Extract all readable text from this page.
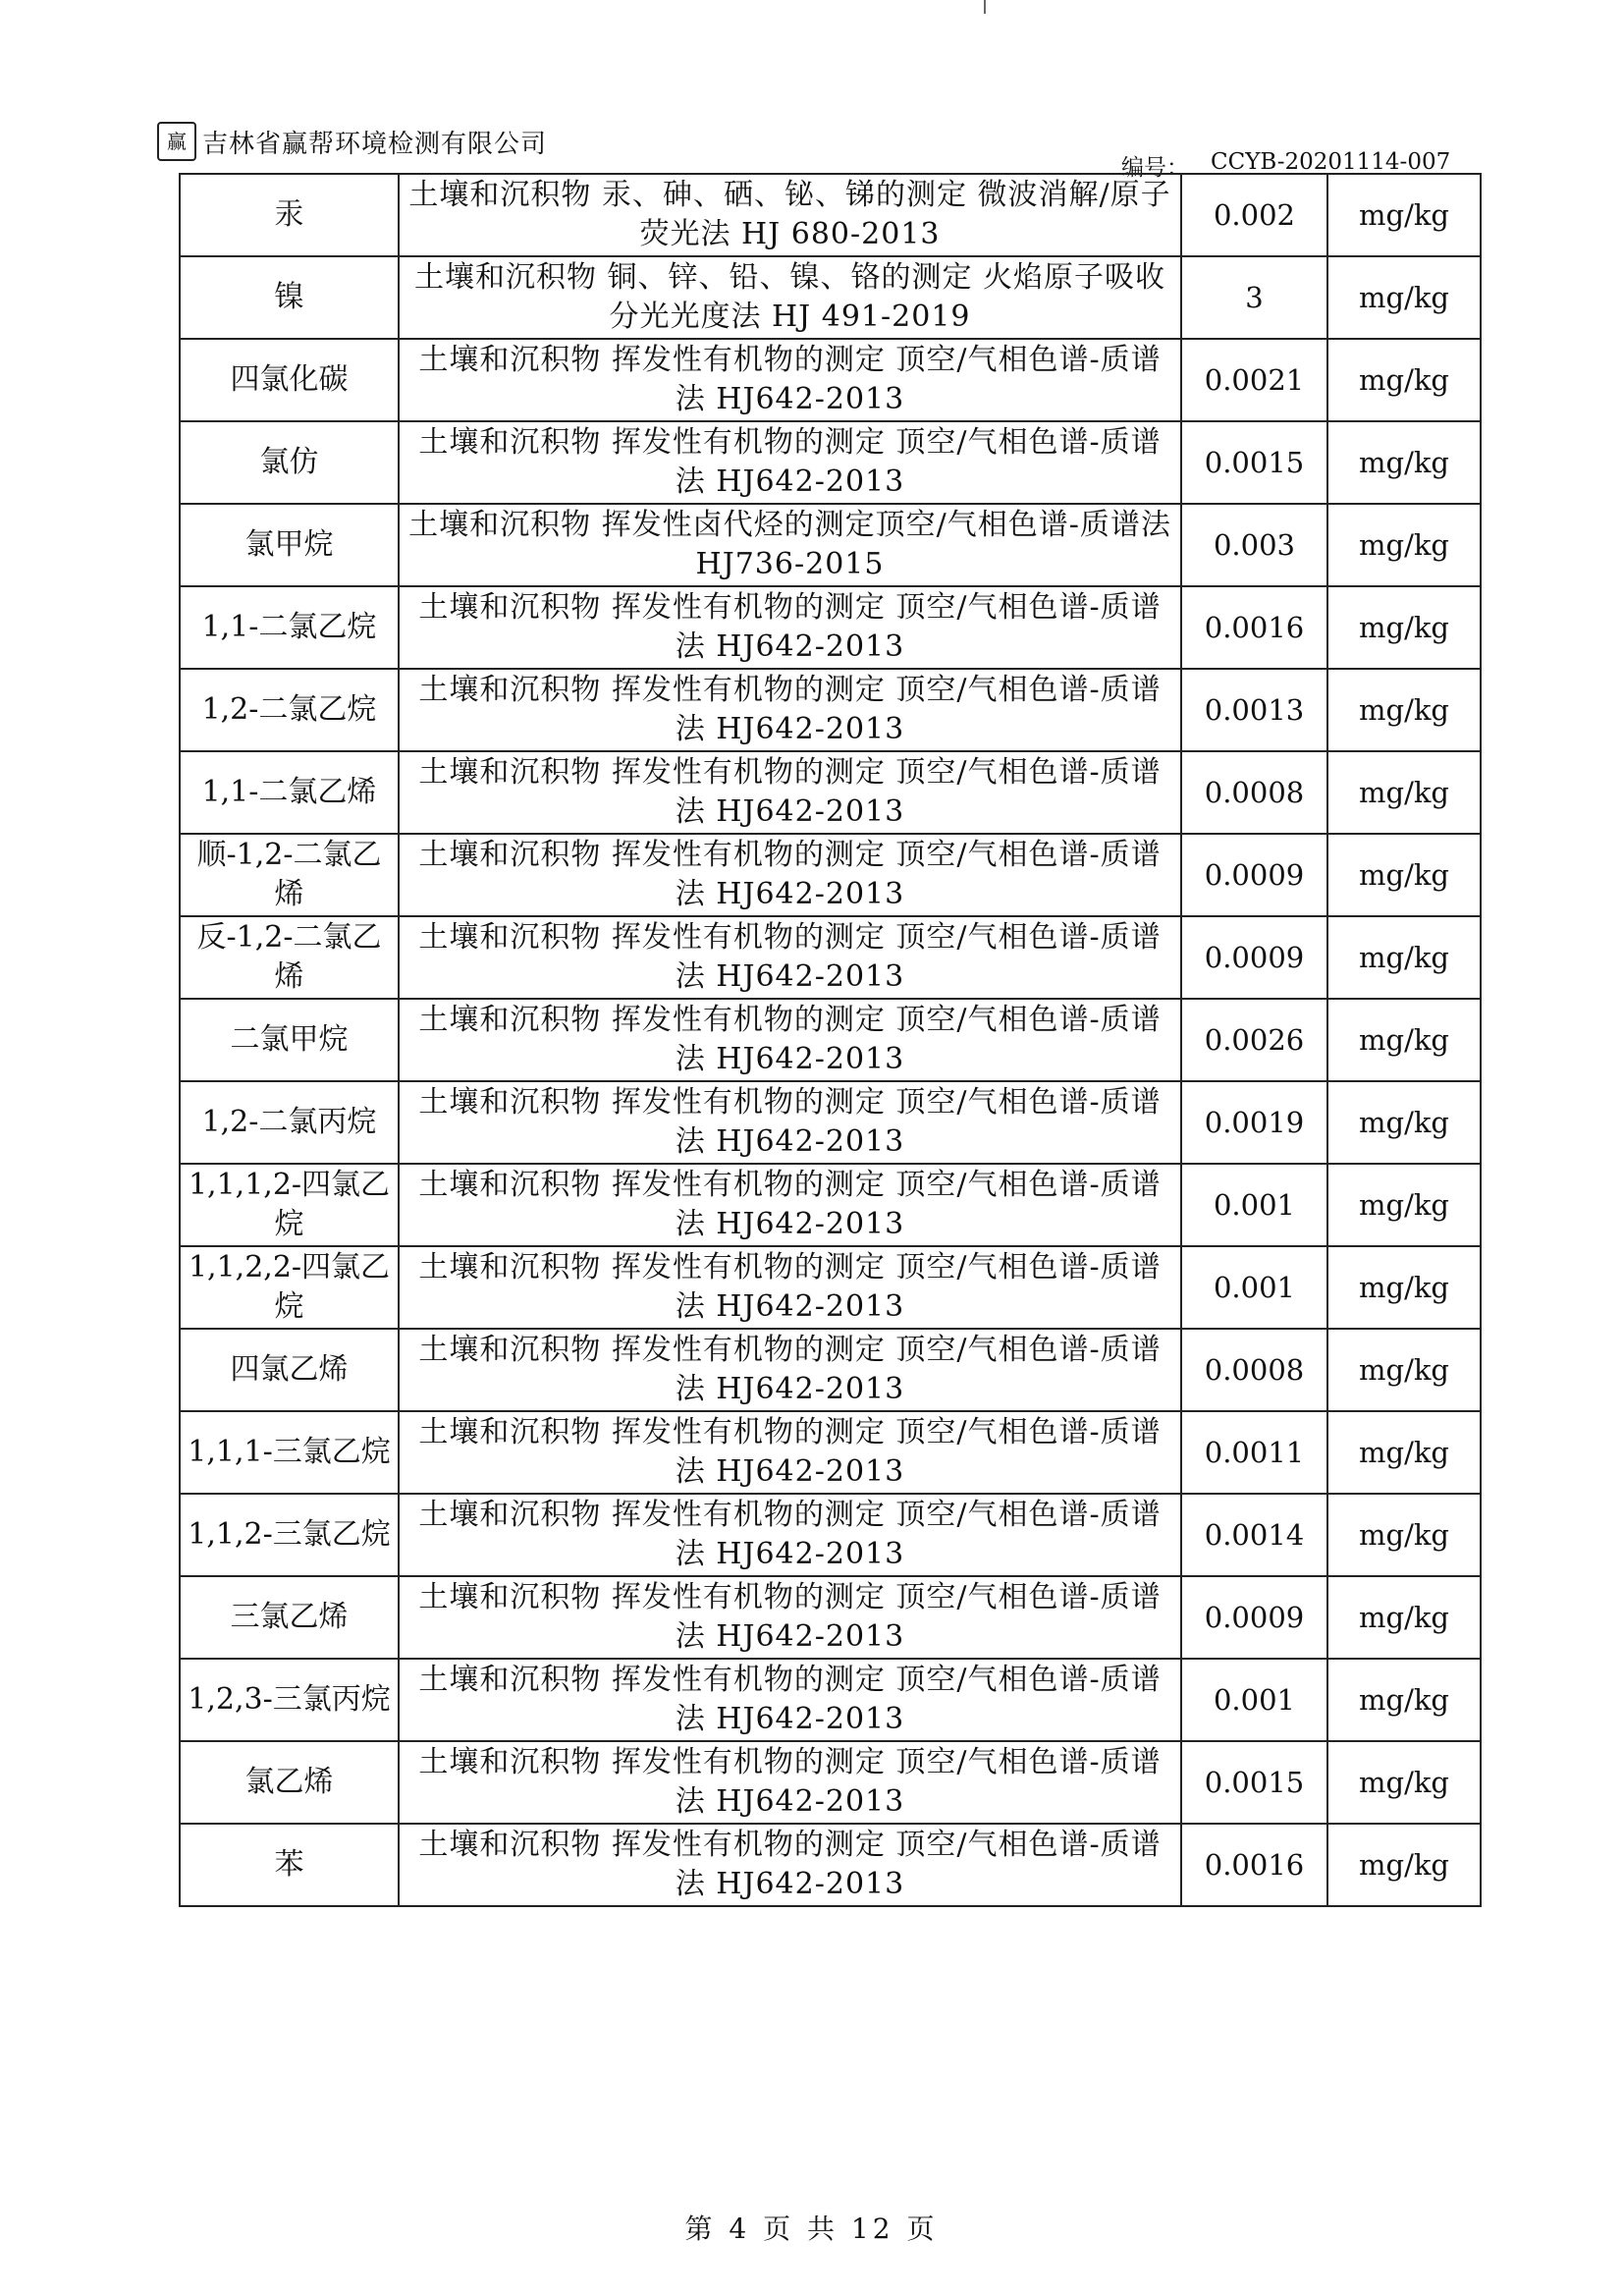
赢 吉林省赢帮环境检测有限公司
编号： CCYB-20201114-007
汞	土壤和沉积物 汞、砷、硒、铋、锑的测定 微波消解/原子荧光法 HJ 680-2013	0.002	mg/kg
镍	土壤和沉积物 铜、锌、铅、镍、铬的测定 火焰原子吸收分光光度法 HJ 491-2019	3	mg/kg
四氯化碳	土壤和沉积物 挥发性有机物的测定 顶空/气相色谱-质谱法 HJ642-2013	0.0021	mg/kg
氯仿	土壤和沉积物 挥发性有机物的测定 顶空/气相色谱-质谱法 HJ642-2013	0.0015	mg/kg
氯甲烷	土壤和沉积物 挥发性卤代烃的测定顶空/气相色谱-质谱法 HJ736-2015	0.003	mg/kg
1,1-二氯乙烷	土壤和沉积物 挥发性有机物的测定 顶空/气相色谱-质谱法 HJ642-2013	0.0016	mg/kg
1,2-二氯乙烷	土壤和沉积物 挥发性有机物的测定 顶空/气相色谱-质谱法 HJ642-2013	0.0013	mg/kg
1,1-二氯乙烯	土壤和沉积物 挥发性有机物的测定 顶空/气相色谱-质谱法 HJ642-2013	0.0008	mg/kg
顺-1,2-二氯乙烯	土壤和沉积物 挥发性有机物的测定 顶空/气相色谱-质谱法 HJ642-2013	0.0009	mg/kg
反-1,2-二氯乙烯	土壤和沉积物 挥发性有机物的测定 顶空/气相色谱-质谱法 HJ642-2013	0.0009	mg/kg
二氯甲烷	土壤和沉积物 挥发性有机物的测定 顶空/气相色谱-质谱法 HJ642-2013	0.0026	mg/kg
1,2-二氯丙烷	土壤和沉积物 挥发性有机物的测定 顶空/气相色谱-质谱法 HJ642-2013	0.0019	mg/kg
1,1,1,2-四氯乙烷	土壤和沉积物 挥发性有机物的测定 顶空/气相色谱-质谱法 HJ642-2013	0.001	mg/kg
1,1,2,2-四氯乙烷	土壤和沉积物 挥发性有机物的测定 顶空/气相色谱-质谱法 HJ642-2013	0.001	mg/kg
四氯乙烯	土壤和沉积物 挥发性有机物的测定 顶空/气相色谱-质谱法 HJ642-2013	0.0008	mg/kg
1,1,1-三氯乙烷	土壤和沉积物 挥发性有机物的测定 顶空/气相色谱-质谱法 HJ642-2013	0.0011	mg/kg
1,1,2-三氯乙烷	土壤和沉积物 挥发性有机物的测定 顶空/气相色谱-质谱法 HJ642-2013	0.0014	mg/kg
三氯乙烯	土壤和沉积物 挥发性有机物的测定 顶空/气相色谱-质谱法 HJ642-2013	0.0009	mg/kg
1,2,3-三氯丙烷	土壤和沉积物 挥发性有机物的测定 顶空/气相色谱-质谱法 HJ642-2013	0.001	mg/kg
氯乙烯	土壤和沉积物 挥发性有机物的测定 顶空/气相色谱-质谱法 HJ642-2013	0.0015	mg/kg
苯	土壤和沉积物 挥发性有机物的测定 顶空/气相色谱-质谱法 HJ642-2013	0.0016	mg/kg
第 4 页 共 12 页
